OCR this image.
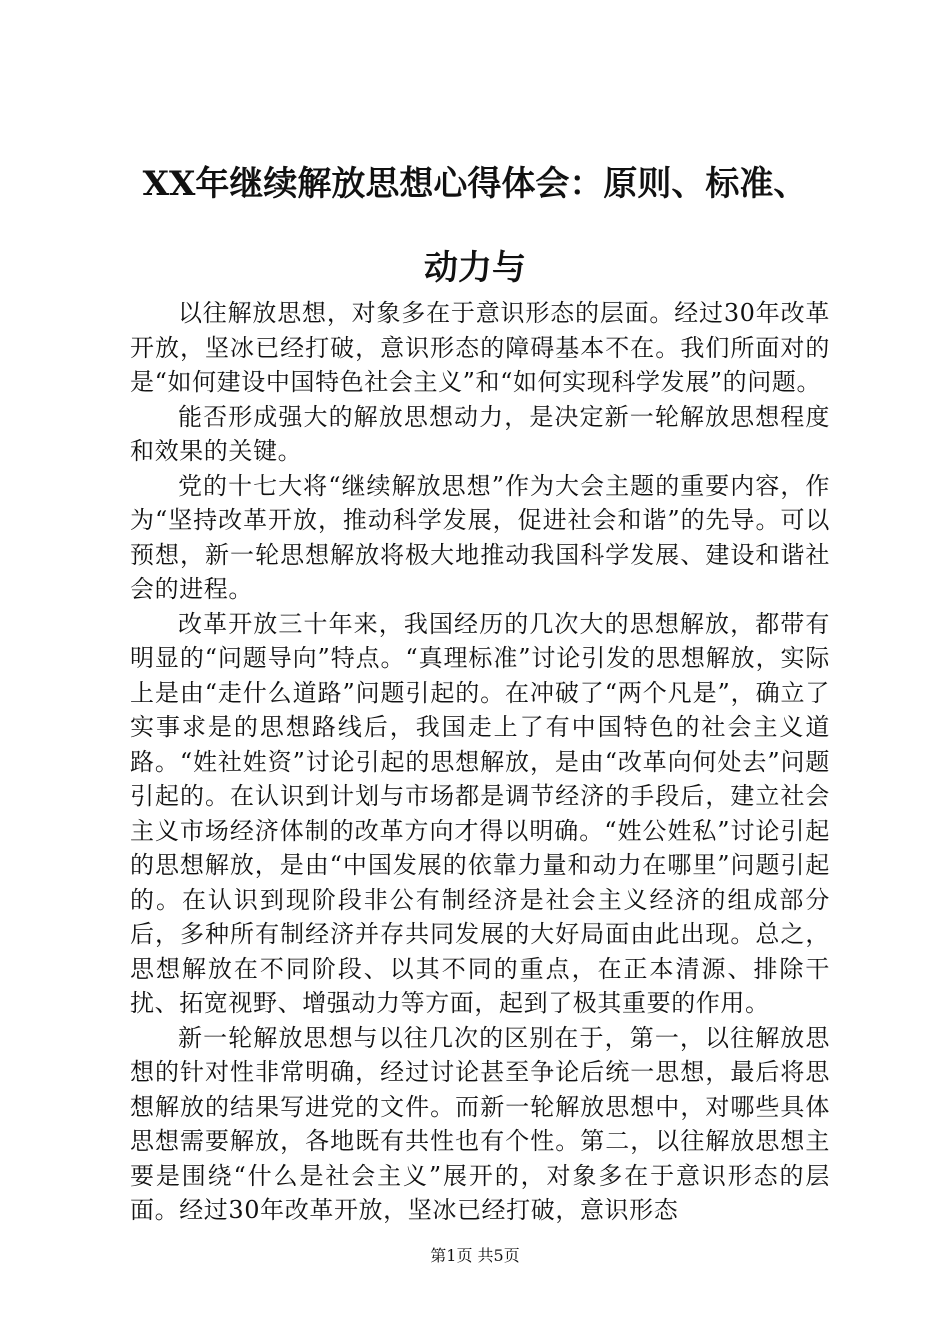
XX年继续解放思想心得体会：原则、标准、
动力与

以往解放思想，对象多在于意识形态的层面。经过30年改革开放，坚冰已经打破，意识形态的障碍基本不在。我们所面对的是“如何建设中国特色社会主义”和“如何实现科学发展”的问题。

能否形成强大的解放思想动力，是决定新一轮解放思想程度和效果的关键。

党的十七大将“继续解放思想”作为大会主题的重要内容，作为“坚持改革开放，推动科学发展，促进社会和谐”的先导。可以预想，新一轮思想解放将极大地推动我国科学发展、建设和谐社会的进程。

改革开放三十年来，我国经历的几次大的思想解放，都带有明显的“问题导向”特点。“真理标准”讨论引发的思想解放，实际上是由“走什么道路”问题引起的。在冲破了“两个凡是”，确立了实事求是的思想路线后，我国走上了有中国特色的社会主义道路。“姓社姓资”讨论引起的思想解放，是由“改革向何处去”问题引起的。在认识到计划与市场都是调节经济的手段后，建立社会主义市场经济体制的改革方向才得以明确。“姓公姓私”讨论引起的思想解放，是由“中国发展的依靠力量和动力在哪里”问题引起的。在认识到现阶段非公有制经济是社会主义经济的组成部分后，多种所有制经济并存共同发展的大好局面由此出现。总之，思想解放在不同阶段、以其不同的重点，在正本清源、排除干扰、拓宽视野、增强动力等方面，起到了极其重要的作用。

新一轮解放思想与以往几次的区别在于，第一，以往解放思想的针对性非常明确，经过讨论甚至争论后统一思想，最后将思想解放的结果写进党的文件。而新一轮解放思想中，对哪些具体思想需要解放，各地既有共性也有个性。第二，以往解放思想主要是围绕“什么是社会主义”展开的，对象多在于意识形态的层面。经过30年改革开放，坚冰已经打破，意识形态

第1页 共5页
